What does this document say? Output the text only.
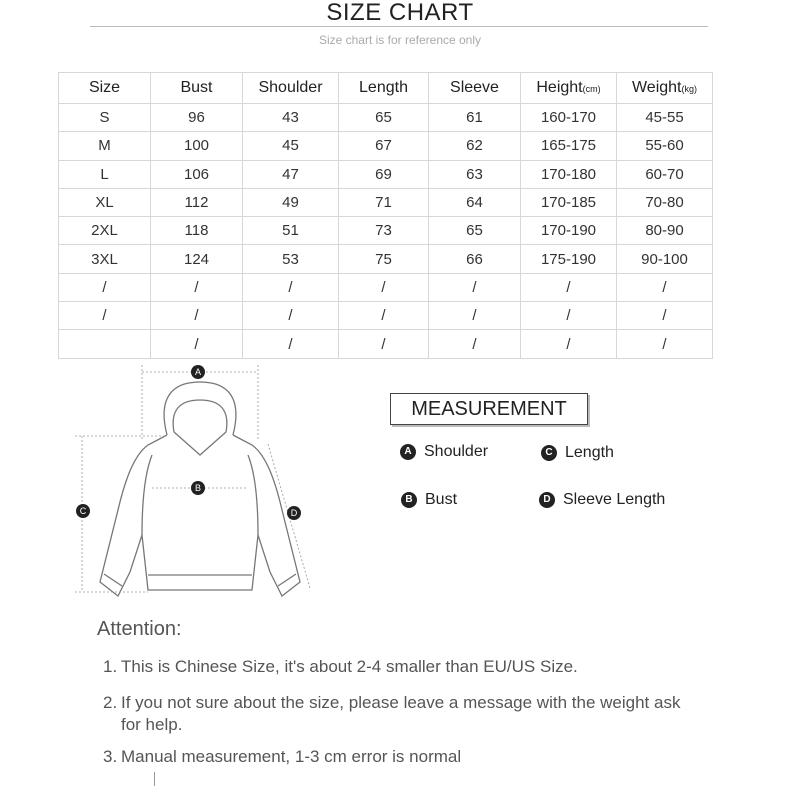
SIZE CHART
Size chart is for reference only
Size	Bust	Shoulder	Length	Sleeve	Height(cm)	Weight(kg)
S	96	43	65	61	160-170	45-55
M	100	45	67	62	165-175	55-60
L	106	47	69	63	170-180	60-70
XL	112	49	71	64	170-185	70-80
2XL	118	51	73	65	170-190	80-90
3XL	124	53	75	66	175-190	90-100
/	/	/	/	/	/	/
/	/	/	/	/	/	/
	/	/	/	/	/	/
A
B
C	D
MEASUREMENT
A Shoulder	C Length
B Bust	D Sleeve Length
Attention:
1. This is Chinese Size, it's about 2-4 smaller than EU/US Size.
2. If you not sure about the size, please leave a message with the weight ask for help.
3. Manual measurement, 1-3 cm error is normal
